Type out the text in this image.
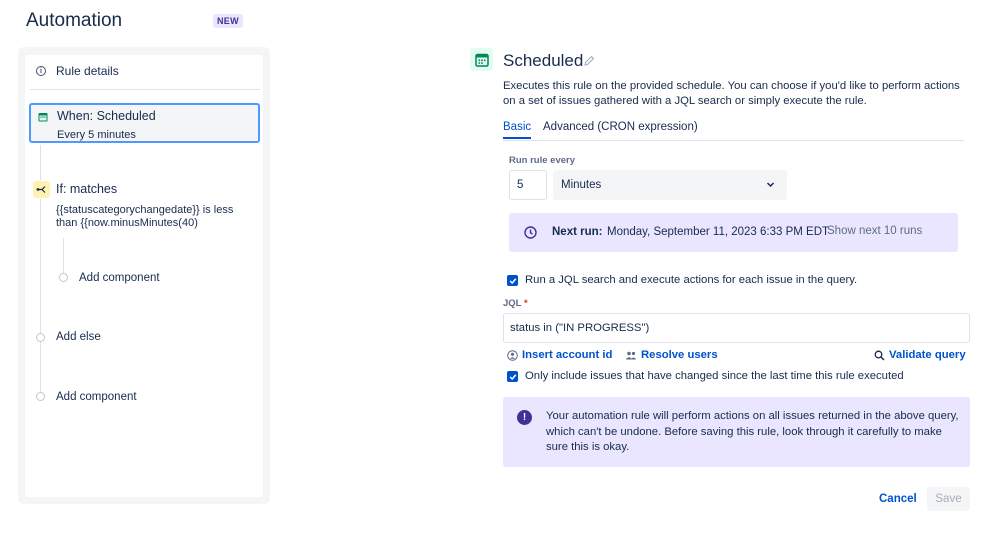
Automation	NEW
i	Rule details
When: Scheduled
Every 5 minutes
If: matches
{{statuscategorychangedate}} is less than {{now.minusMinutes(40)
Add component
Add else
Add component
Scheduled
Executes this rule on the provided schedule. You can choose if you'd like to perform actions on a set of issues gathered with a JQL search or simply execute the rule.
Basic Advanced (CRON expression)
Run rule every
5
Minutes
Next run: Monday, September 11, 2023 6:33 PM EDT
Show next 10 runs
Run a JQL search and execute actions for each issue in the query.
JQL *
status in ("IN PROGRESS")
Insert account id	Resolve users	Validate query
Only include issues that have changed since the last time this rule executed
!	Your automation rule will perform actions on all issues returned in the above query, which can't be undone. Before saving this rule, look through it carefully to make sure this is okay.
Cancel	Save
